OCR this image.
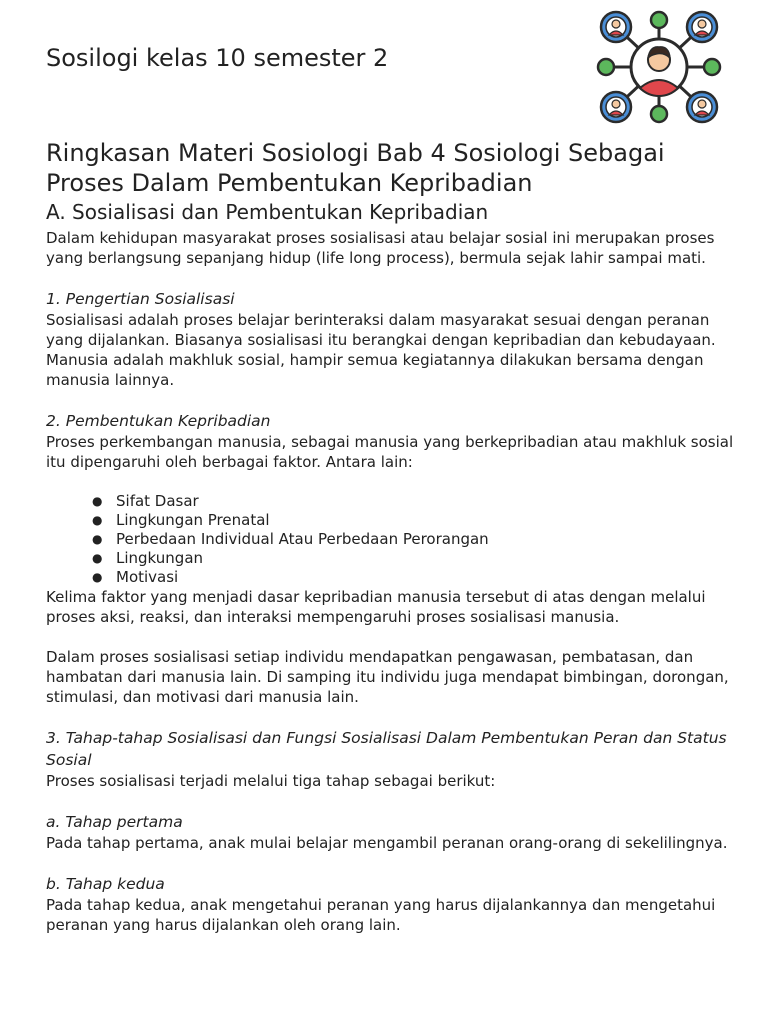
Sosilogi kelas 10 semester 2
Ringkasan Materi Sosiologi Bab 4 Sosiologi Sebagai Proses Dalam Pembentukan Kepribadian
A. Sosialisasi dan Pembentukan Kepribadian

Dalam kehidupan masyarakat proses sosialisasi atau belajar sosial ini merupakan proses yang berlangsung sepanjang hidup (life long process), bermula sejak lahir sampai mati.

1. Pengertian Sosialisasi

Sosialisasi adalah proses belajar berinteraksi dalam masyarakat sesuai dengan peranan yang dijalankan. Biasanya sosialisasi itu berangkai dengan kepribadian dan kebudayaan. Manusia adalah makhluk sosial, hampir semua kegiatannya dilakukan bersama dengan manusia lainnya.

2. Pembentukan Kepribadian

Proses perkembangan manusia, sebagai manusia yang berkepribadian atau makhluk sosial itu dipengaruhi oleh berbagai faktor. Antara lain:

● Sifat Dasar
● Lingkungan Prenatal
● Perbedaan Individual Atau Perbedaan Perorangan
● Lingkungan
● Motivasi

Kelima faktor yang menjadi dasar kepribadian manusia tersebut di atas dengan melalui proses aksi, reaksi, dan interaksi mempengaruhi proses sosialisasi manusia.

Dalam proses sosialisasi setiap individu mendapatkan pengawasan, pembatasan, dan hambatan dari manusia lain. Di samping itu individu juga mendapat bimbingan, dorongan, stimulasi, dan motivasi dari manusia lain.

3. Tahap-tahap Sosialisasi dan Fungsi Sosialisasi Dalam Pembentukan Peran dan Status Sosial

Proses sosialisasi terjadi melalui tiga tahap sebagai berikut:

a. Tahap pertama

Pada tahap pertama, anak mulai belajar mengambil peranan orang-orang di sekelilingnya.

b. Tahap kedua

Pada tahap kedua, anak mengetahui peranan yang harus dijalankannya dan mengetahui peranan yang harus dijalankan oleh orang lain.
